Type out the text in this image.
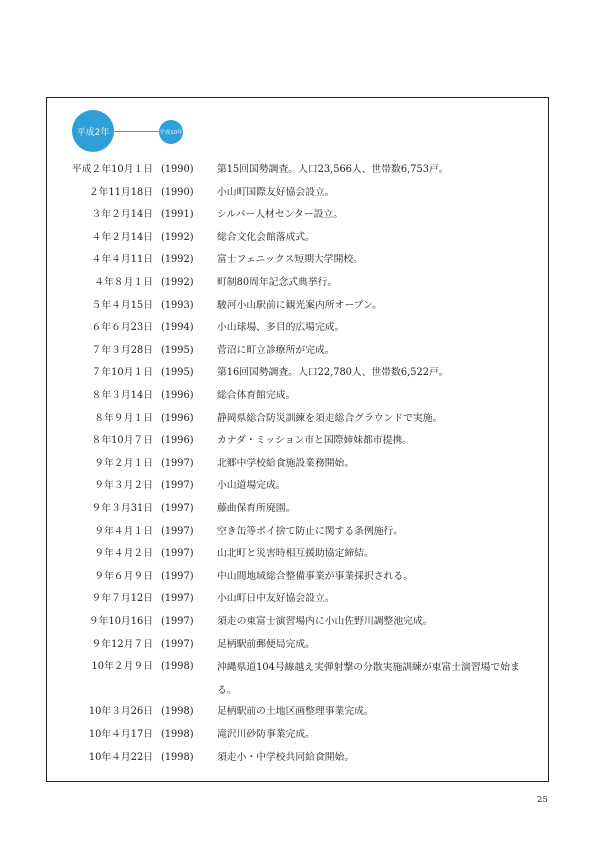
平成2年	平成10年
平成２年10月１日 (1990) 第15回国勢調査。人口23,566人、世帯数6,753戸。
２年11月18日 (1990) 小山町国際友好協会設立。
３年２月14日 (1991) シルバー人材センター設立。
４年２月14日 (1992) 総合文化会館落成式。
４年４月11日 (1992) 富士フェニックス短期大学開校。
４年８月１日 (1992) 町制80周年記念式典挙行。
５年４月15日 (1993) 駿河小山駅前に観光案内所オープン。
６年６月23日 (1994) 小山球場、多目的広場完成。
７年３月28日 (1995) 菅沼に町立診療所が完成。
７年10月１日 (1995) 第16回国勢調査。人口22,780人、世帯数6,522戸。
８年３月14日 (1996) 総合体育館完成。
８年９月１日 (1996) 静岡県総合防災訓練を須走総合グラウンドで実施。
８年10月７日 (1996) カナダ・ミッション市と国際姉妹都市提携。
９年２月１日 (1997) 北郷中学校給食施設業務開始。
９年３月２日 (1997) 小山道場完成。
９年３月31日 (1997) 藤曲保育所廃園。
９年４月１日 (1997) 空き缶等ポイ捨て防止に関する条例施行。
９年４月２日 (1997) 山北町と災害時相互援助協定締結。
９年６月９日 (1997) 中山間地域総合整備事業が事業採択される。
９年７月12日 (1997) 小山町日中友好協会設立。
９年10月16日 (1997) 須走の東富士演習場内に小山佐野川調整池完成。
９年12月７日 (1997) 足柄駅前郵便局完成。
10年２月９日 (1998) 沖縄県道104号線越え実弾射撃の分散実施訓練が東富士演習場で始まる。
10年３月26日 (1998) 足柄駅前の土地区画整理事業完成。
10年４月17日 (1998) 滝沢川砂防事業完成。
10年４月22日 (1998) 須走小・中学校共同給食開始。
25
